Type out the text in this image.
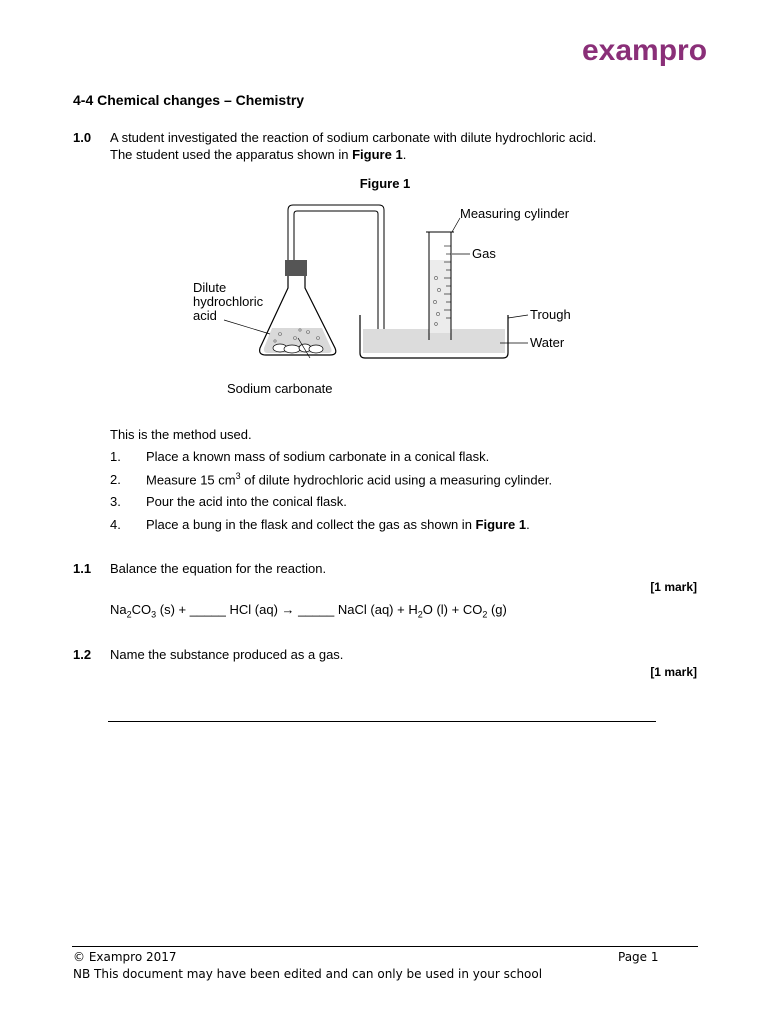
exampro
4-4 Chemical changes – Chemistry
1.0 A student investigated the reaction of sodium carbonate with dilute hydrochloric acid.
The student used the apparatus shown in Figure 1.
Figure 1
Measuring cylinder
Gas
Dilute
hydrochloric
acid	Trough
Water
Sodium carbonate
This is the method used.
1. Place a known mass of sodium carbonate in a conical flask.
2. Measure 15 $cm^3$ of dilute hydrochloric acid using a measuring cylinder.
3. Pour the acid into the conical flask.
4. Place a bung in the flask and collect the gas as shown in Figure 1.
1.1 Balance the equation for the reaction.
[1 mark]
$Na_2CO_3$ (s) + _____ HCl (aq) → _____ NaCl $(aq) + H_2O$ $(l) + CO_2$ (g)
1.2 Name the substance produced as a gas.
[1 mark]
© Exampro 2017	Page 1
NB This document may have been edited and can only be used in your school
